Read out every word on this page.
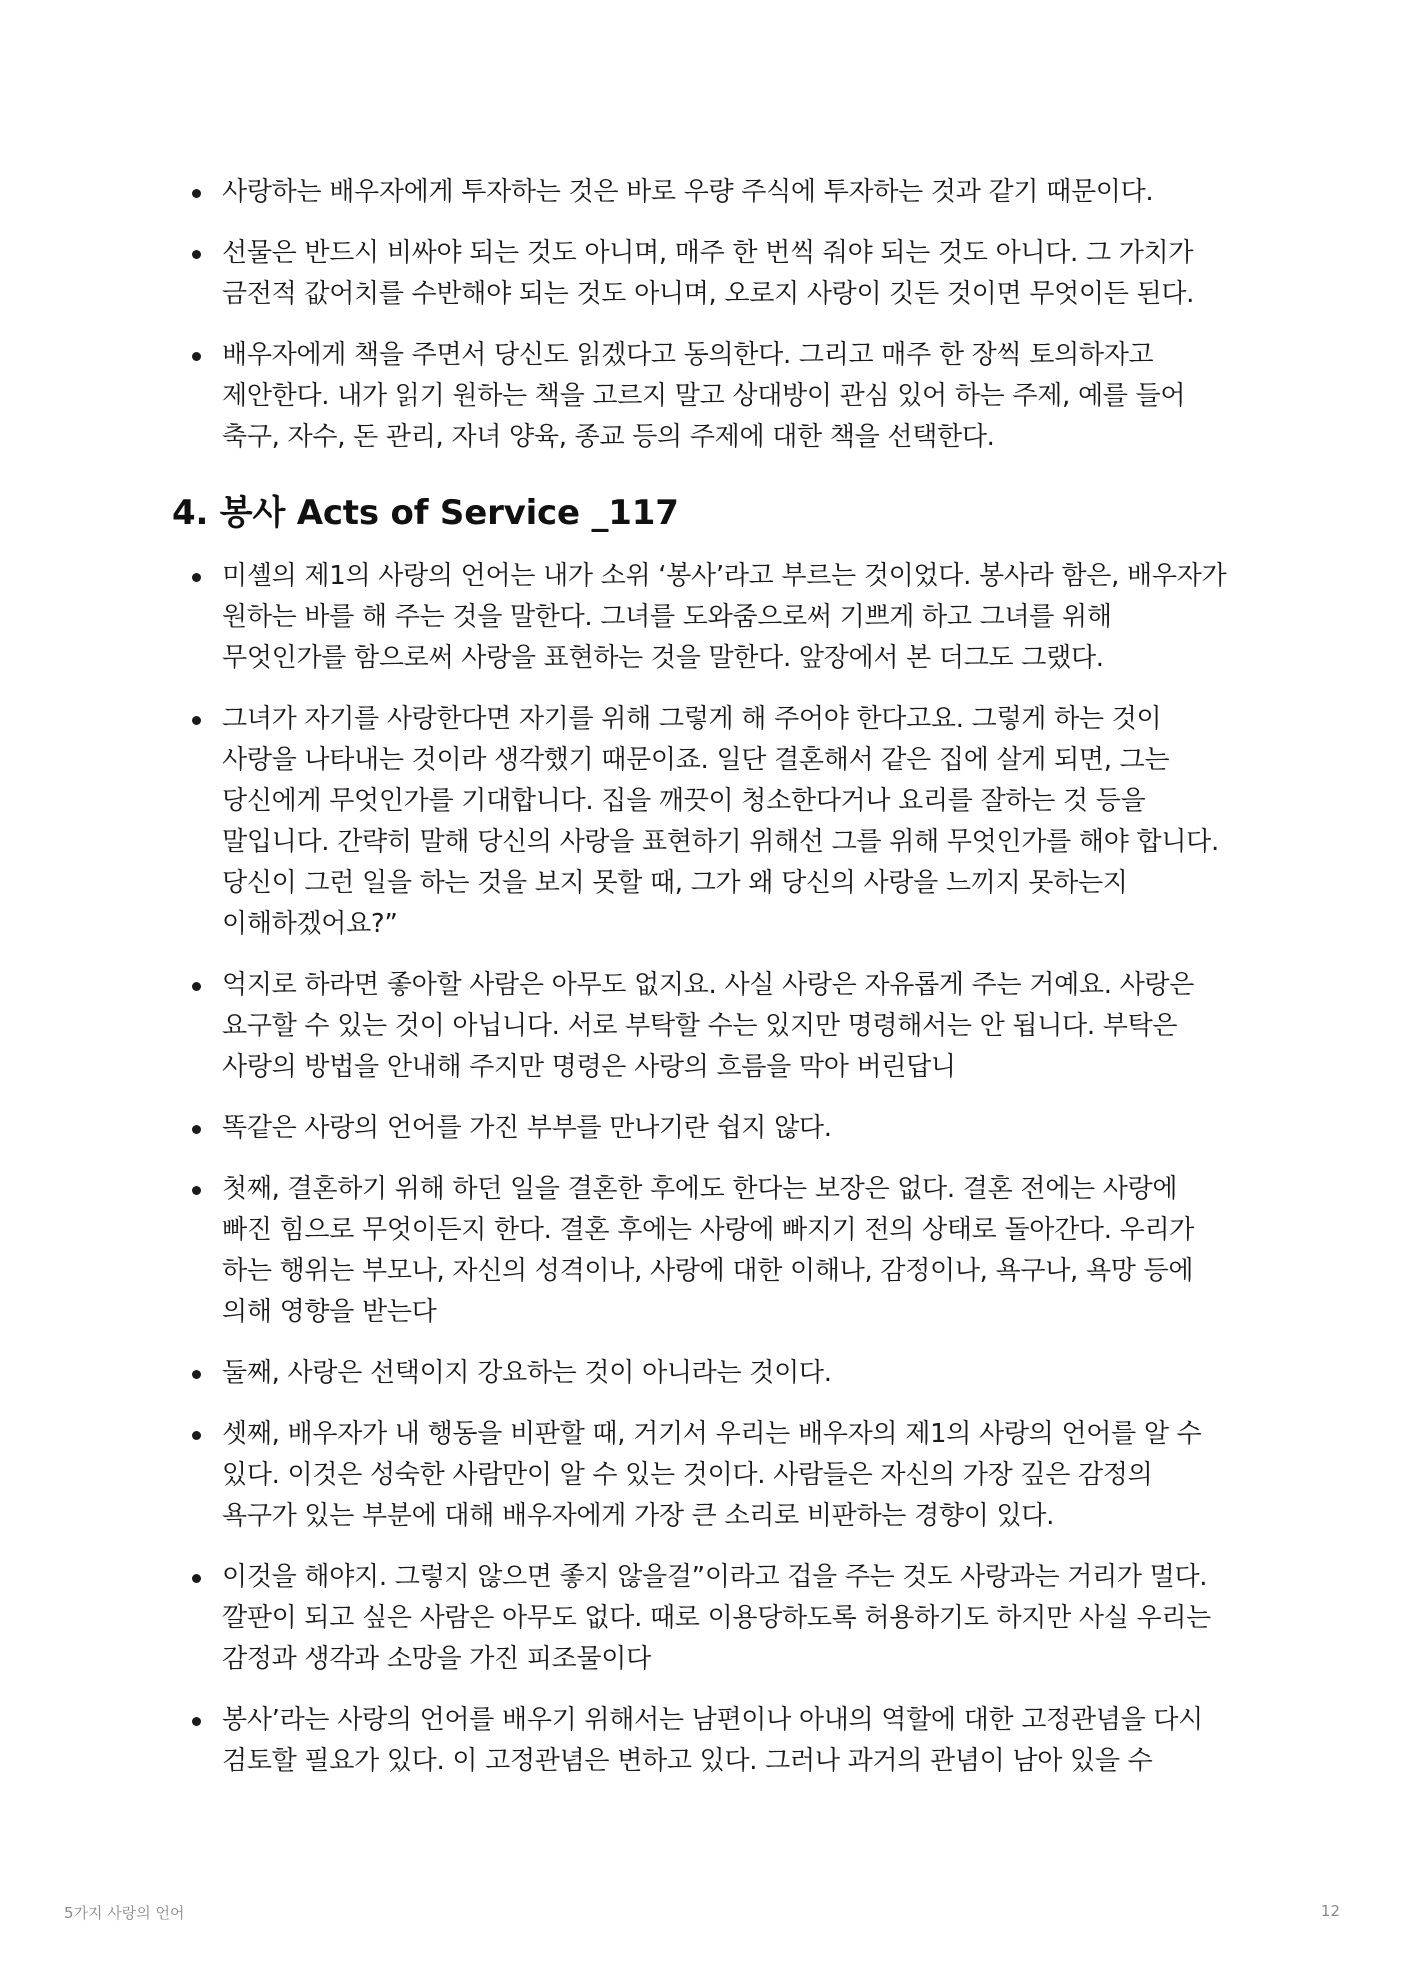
사랑하는 배우자에게 투자하는 것은 바로 우량 주식에 투자하는 것과 같기 때문이다.
선물은 반드시 비싸야 되는 것도 아니며, 매주 한 번씩 줘야 되는 것도 아니다. 그 가치가 금전적 값어치를 수반해야 되는 것도 아니며, 오로지 사랑이 깃든 것이면 무엇이든 된다.
배우자에게 책을 주면서 당신도 읽겠다고 동의한다. 그리고 매주 한 장씩 토의하자고 제안한다. 내가 읽기 원하는 책을 고르지 말고 상대방이 관심 있어 하는 주제, 예를 들어 축구, 자수, 돈 관리, 자녀 양육, 종교 등의 주제에 대한 책을 선택한다.
4. 봉사 Acts of Service _117
미셸의 제1의 사랑의 언어는 내가 소위 ‘봉사’라고 부르는 것이었다. 봉사라 함은, 배우자가 원하는 바를 해 주는 것을 말한다. 그녀를 도와줌으로써 기쁘게 하고 그녀를 위해 무엇인가를 함으로써 사랑을 표현하는 것을 말한다. 앞장에서 본 더그도 그랬다.
그녀가 자기를 사랑한다면 자기를 위해 그렇게 해 주어야 한다고요. 그렇게 하는 것이 사랑을 나타내는 것이라 생각했기 때문이죠. 일단 결혼해서 같은 집에 살게 되면, 그는 당신에게 무엇인가를 기대합니다. 집을 깨끗이 청소한다거나 요리를 잘하는 것 등을 말입니다. 간략히 말해 당신의 사랑을 표현하기 위해선 그를 위해 무엇인가를 해야 합니다. 당신이 그런 일을 하는 것을 보지 못할 때, 그가 왜 당신의 사랑을 느끼지 못하는지 이해하겠어요?”
억지로 하라면 좋아할 사람은 아무도 없지요. 사실 사랑은 자유롭게 주는 거예요. 사랑은 요구할 수 있는 것이 아닙니다. 서로 부탁할 수는 있지만 명령해서는 안 됩니다. 부탁은 사랑의 방법을 안내해 주지만 명령은 사랑의 흐름을 막아 버린답니
똑같은 사랑의 언어를 가진 부부를 만나기란 쉽지 않다.
첫째, 결혼하기 위해 하던 일을 결혼한 후에도 한다는 보장은 없다. 결혼 전에는 사랑에 빠진 힘으로 무엇이든지 한다. 결혼 후에는 사랑에 빠지기 전의 상태로 돌아간다. 우리가 하는 행위는 부모나, 자신의 성격이나, 사랑에 대한 이해나, 감정이나, 욕구나, 욕망 등에 의해 영향을 받는다
둘째, 사랑은 선택이지 강요하는 것이 아니라는 것이다.
셋째, 배우자가 내 행동을 비판할 때, 거기서 우리는 배우자의 제1의 사랑의 언어를 알 수 있다. 이것은 성숙한 사람만이 알 수 있는 것이다. 사람들은 자신의 가장 깊은 감정의 욕구가 있는 부분에 대해 배우자에게 가장 큰 소리로 비판하는 경향이 있다.
이것을 해야지. 그렇지 않으면 좋지 않을걸”이라고 겁을 주는 것도 사랑과는 거리가 멀다. 깔판이 되고 싶은 사람은 아무도 없다. 때로 이용당하도록 허용하기도 하지만 사실 우리는 감정과 생각과 소망을 가진 피조물이다
봉사’라는 사랑의 언어를 배우기 위해서는 남편이나 아내의 역할에 대한 고정관념을 다시 검토할 필요가 있다. 이 고정관념은 변하고 있다. 그러나 과거의 관념이 남아 있을 수
5가지 사랑의 언어	12
